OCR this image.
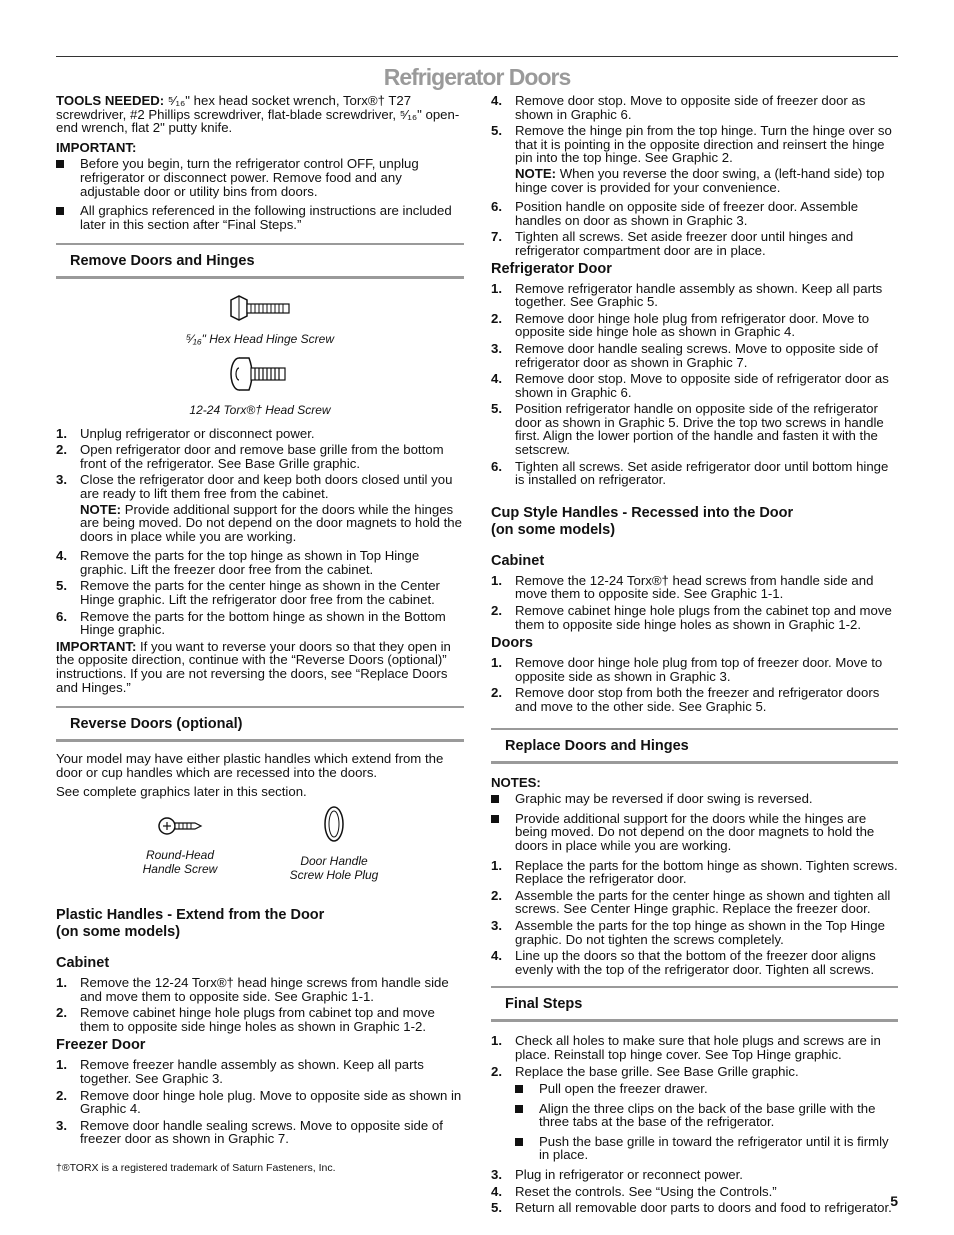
Refrigerator Doors

TOOLS NEEDED: ⁵⁄₁₆" hex head socket wrench, Torx®† T27 screwdriver, #2 Phillips screwdriver, flat-blade screwdriver, ⁵⁄₁₆" open-end wrench, flat 2" putty knife.

IMPORTANT:

Before you begin, turn the refrigerator control OFF, unplug refrigerator or disconnect power. Remove food and any adjustable door or utility bins from doors.
All graphics referenced in the following instructions are included later in this section after “Final Steps.”
Remove Doors and Hinges
⁵⁄₁₆" Hex Head Hinge Screw
12-24 Torx®† Head Screw
1. Unplug refrigerator or disconnect power.
2. Open refrigerator door and remove base grille from the bottom front of the refrigerator. See Base Grille graphic.
3. Close the refrigerator door and keep both doors closed until you are ready to lift them free from the cabinet.

NOTE: Provide additional support for the doors while the hinges are being moved. Do not depend on the door magnets to hold the doors in place while you are working.

4. Remove the parts for the top hinge as shown in Top Hinge graphic. Lift the freezer door free from the cabinet.
5. Remove the parts for the center hinge as shown in the Center Hinge graphic. Lift the refrigerator door free from the cabinet.
6. Remove the parts for the bottom hinge as shown in the Bottom Hinge graphic.

IMPORTANT: If you want to reverse your doors so that they open in the opposite direction, continue with the “Reverse Doors (optional)” instructions. If you are not reversing the doors, see “Replace Doors and Hinges.”

Reverse Doors (optional)

Your model may have either plastic handles which extend from the door or cup handles which are recessed into the doors.

See complete graphics later in this section.

Round-Head
Handle Screw
Door Handle
Screw Hole Plug
Plastic Handles - Extend from the Door
(on some models)
Cabinet
1. Remove the 12-24 Torx®† head hinge screws from handle side and move them to opposite side. See Graphic 1-1.
2. Remove cabinet hinge hole plugs from cabinet top and move them to opposite side hinge holes as shown in Graphic 1-2.
Freezer Door
1. Remove freezer handle assembly as shown. Keep all parts together. See Graphic 3.
2. Remove door hinge hole plug. Move to opposite side as shown in Graphic 4.
3. Remove door handle sealing screws. Move to opposite side of freezer door as shown in Graphic 7.
4. Remove door stop. Move to opposite side of freezer door as shown in Graphic 6.
5. Remove the hinge pin from the top hinge. Turn the hinge over so that it is pointing in the opposite direction and reinsert the hinge pin into the top hinge. See Graphic 2.

NOTE: When you reverse the door swing, a (left-hand side) top hinge cover is provided for your convenience.

6. Position handle on opposite side of freezer door. Assemble handles on door as shown in Graphic 3.
7. Tighten all screws. Set aside freezer door until hinges and refrigerator compartment door are in place.
Refrigerator Door
1. Remove refrigerator handle assembly as shown. Keep all parts together. See Graphic 5.
2. Remove door hinge hole plug from refrigerator door. Move to opposite side hinge hole as shown in Graphic 4.
3. Remove door handle sealing screws. Move to opposite side of refrigerator door as shown in Graphic 7.
4. Remove door stop. Move to opposite side of refrigerator door as shown in Graphic 6.
5. Position refrigerator handle on opposite side of the refrigerator door as shown in Graphic 5. Drive the top two screws in handle first. Align the lower portion of the handle and fasten it with the setscrew.
6. Tighten all screws. Set aside refrigerator door until bottom hinge is installed on refrigerator.
Cup Style Handles - Recessed into the Door
(on some models)
Cabinet
1. Remove the 12-24 Torx®† head screws from handle side and move them to opposite side. See Graphic 1-1.
2. Remove cabinet hinge hole plugs from the cabinet top and move them to opposite side hinge holes as shown in Graphic 1-2.
Doors
1. Remove door hinge hole plug from top of freezer door. Move to opposite side as shown in Graphic 3.
2. Remove door stop from both the freezer and refrigerator doors and move to the other side. See Graphic 5.
Replace Doors and Hinges

NOTES:

Graphic may be reversed if door swing is reversed.
Provide additional support for the doors while the hinges are being moved. Do not depend on the door magnets to hold the doors in place while you are working.
1. Replace the parts for the bottom hinge as shown. Tighten screws. Replace the refrigerator door.
2. Assemble the parts for the center hinge as shown and tighten all screws. See Center Hinge graphic. Replace the freezer door.
3. Assemble the parts for the top hinge as shown in the Top Hinge graphic. Do not tighten the screws completely.
4. Line up the doors so that the bottom of the freezer door aligns evenly with the top of the refrigerator door. Tighten all screws.
Final Steps
1. Check all holes to make sure that hole plugs and screws are in place. Reinstall top hinge cover. See Top Hinge graphic.
2. Replace the base grille. See Base Grille graphic.
Pull open the freezer drawer.
Align the three clips on the back of the base grille with the three tabs at the base of the refrigerator.
Push the base grille in toward the refrigerator until it is firmly in place.
3. Plug in refrigerator or reconnect power.
4. Reset the controls. See “Using the Controls.”
5. Return all removable door parts to doors and food to refrigerator.
†®TORX is a registered trademark of Saturn Fasteners, Inc.
5
